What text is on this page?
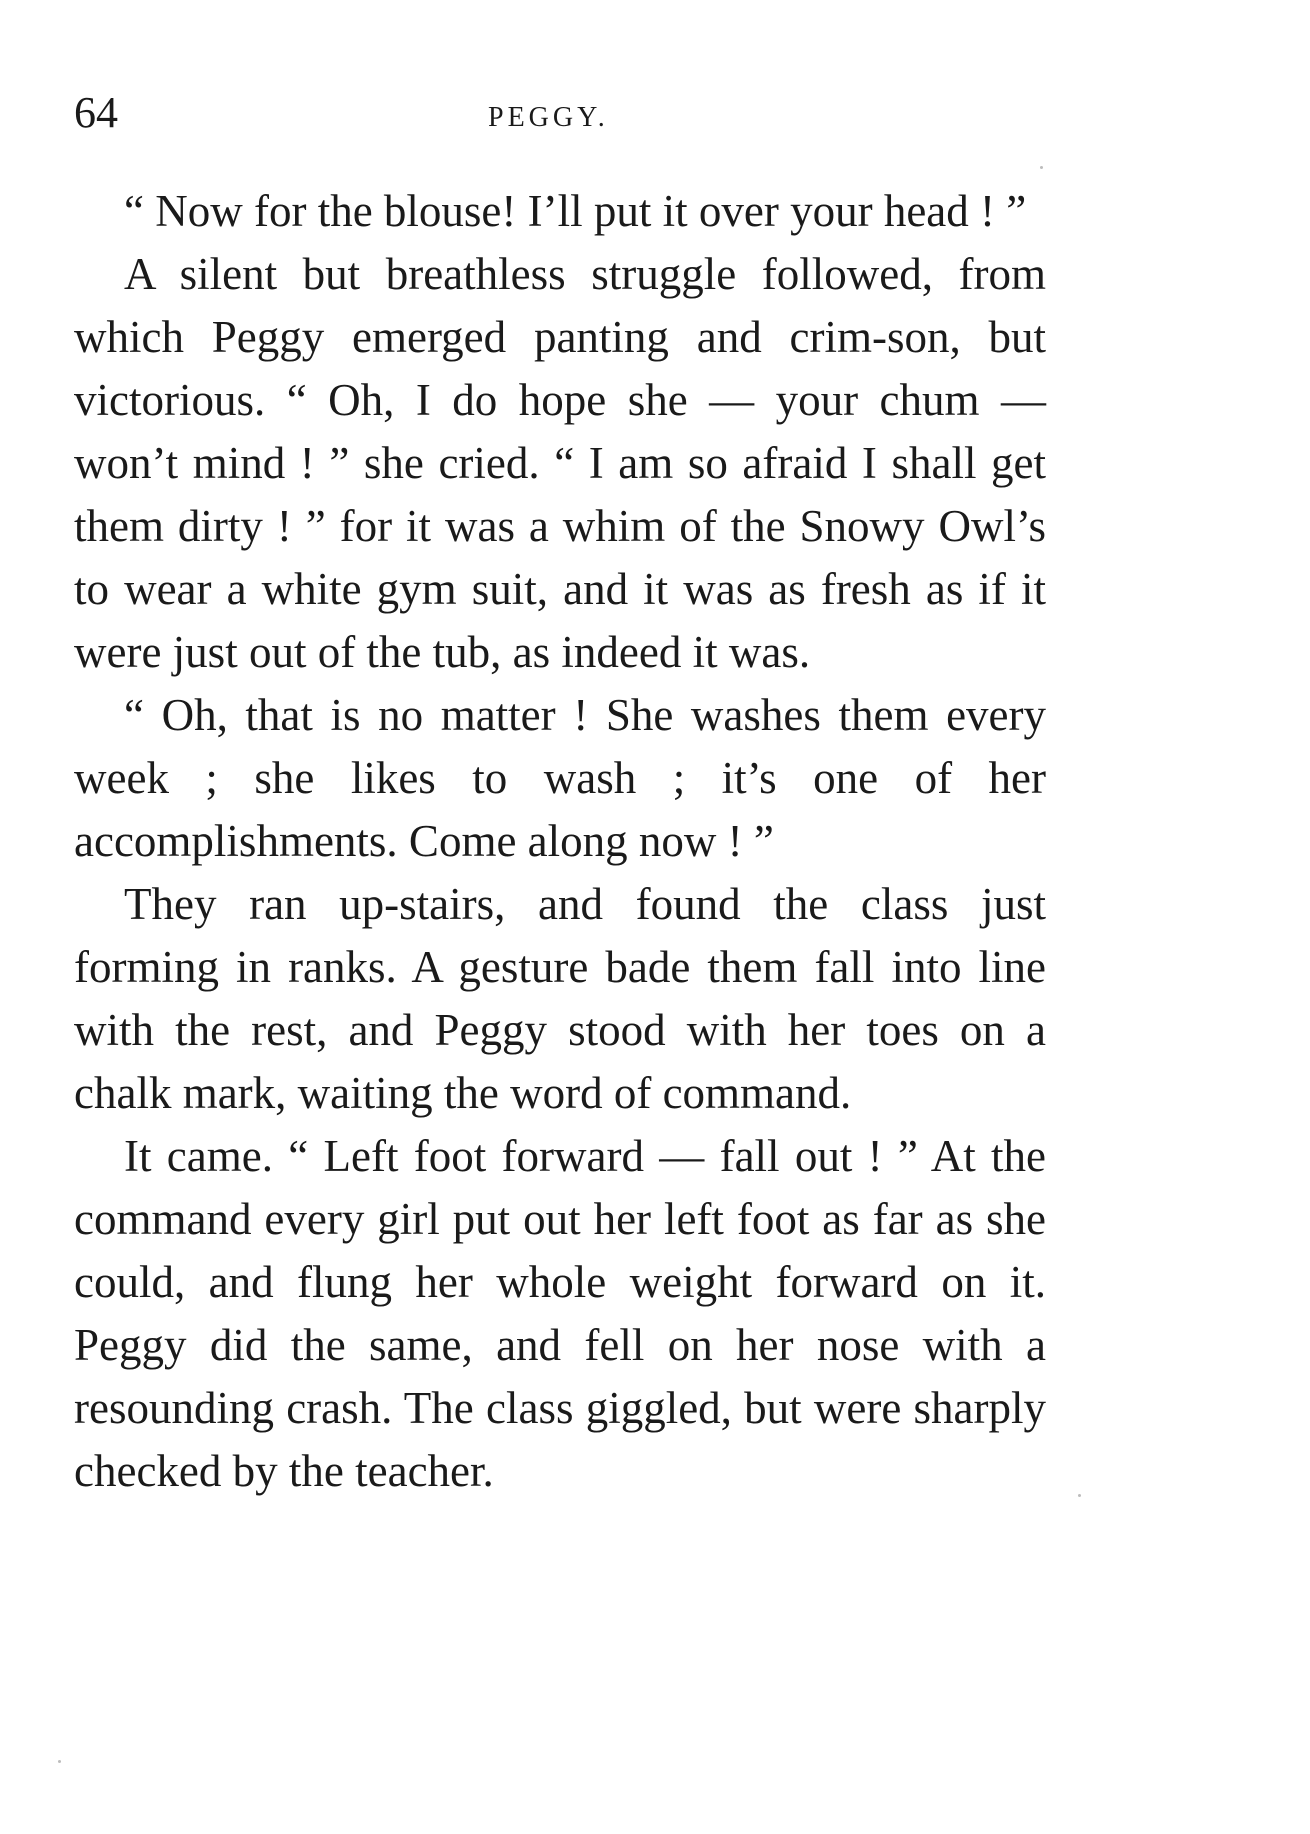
64	PEGGY.

“ Now for the blouse! I’ll put it over your head ! ”

A silent but breathless struggle followed, from which Peggy emerged panting and crim-son, but victorious. “ Oh, I do hope she — your chum — won’t mind ! ” she cried. “ I am so afraid I shall get them dirty ! ” for it was a whim of the Snowy Owl’s to wear a white gym suit, and it was as fresh as if it were just out of the tub, as indeed it was.

“ Oh, that is no matter ! She washes them every week ; she likes to wash ; it’s one of her accomplishments. Come along now ! ”

They ran up-stairs, and found the class just forming in ranks. A gesture bade them fall into line with the rest, and Peggy stood with her toes on a chalk mark, waiting the word of command.

It came. “ Left foot forward — fall out ! ” At the command every girl put out her left foot as far as she could, and flung her whole weight forward on it. Peggy did the same, and fell on her nose with a resounding crash. The class giggled, but were sharply checked by the teacher.
